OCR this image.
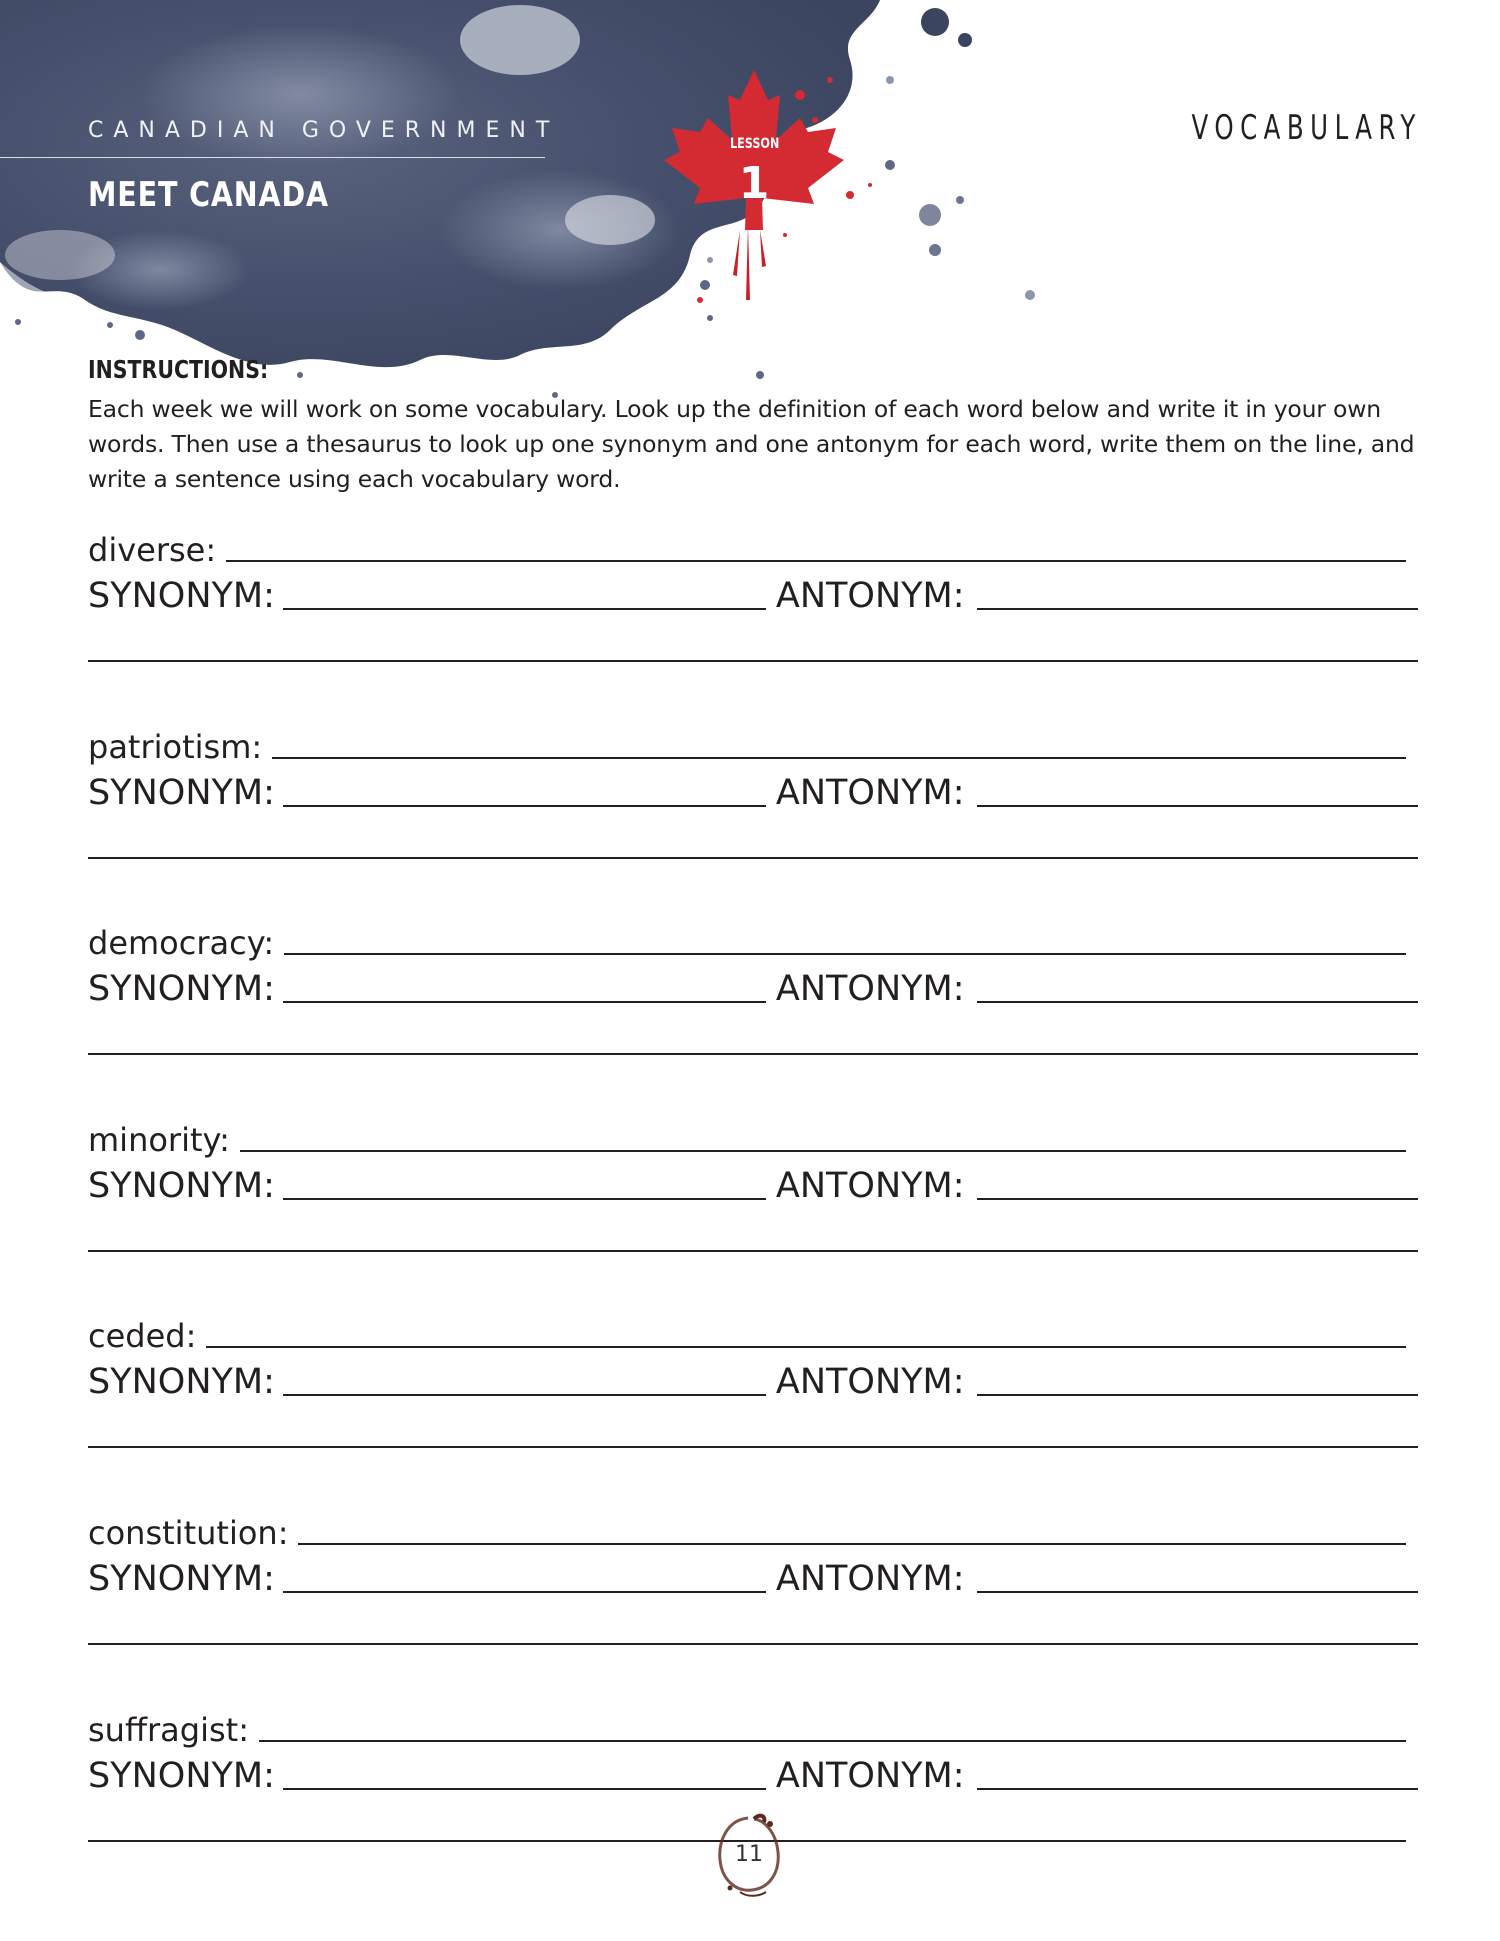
CANADIAN GOVERNMENT
MEET CANADA
VOCABULARY
LESSON
1
INSTRUCTIONS:
Each week we will work on some vocabulary. Look up the definition of each word below and write it in your own
words. Then use a thesaurus to look up one synonym and one antonym for each word, write them on the line, and
write a sentence using each vocabulary word.
diverse:
SYNONYM:	ANTONYM:
patriotism:
SYNONYM:	ANTONYM:
democracy:
SYNONYM:	ANTONYM:
minority:
SYNONYM:	ANTONYM:
ceded:
SYNONYM:	ANTONYM:
constitution:
SYNONYM:	ANTONYM:
suffragist:
SYNONYM:	ANTONYM:
11
